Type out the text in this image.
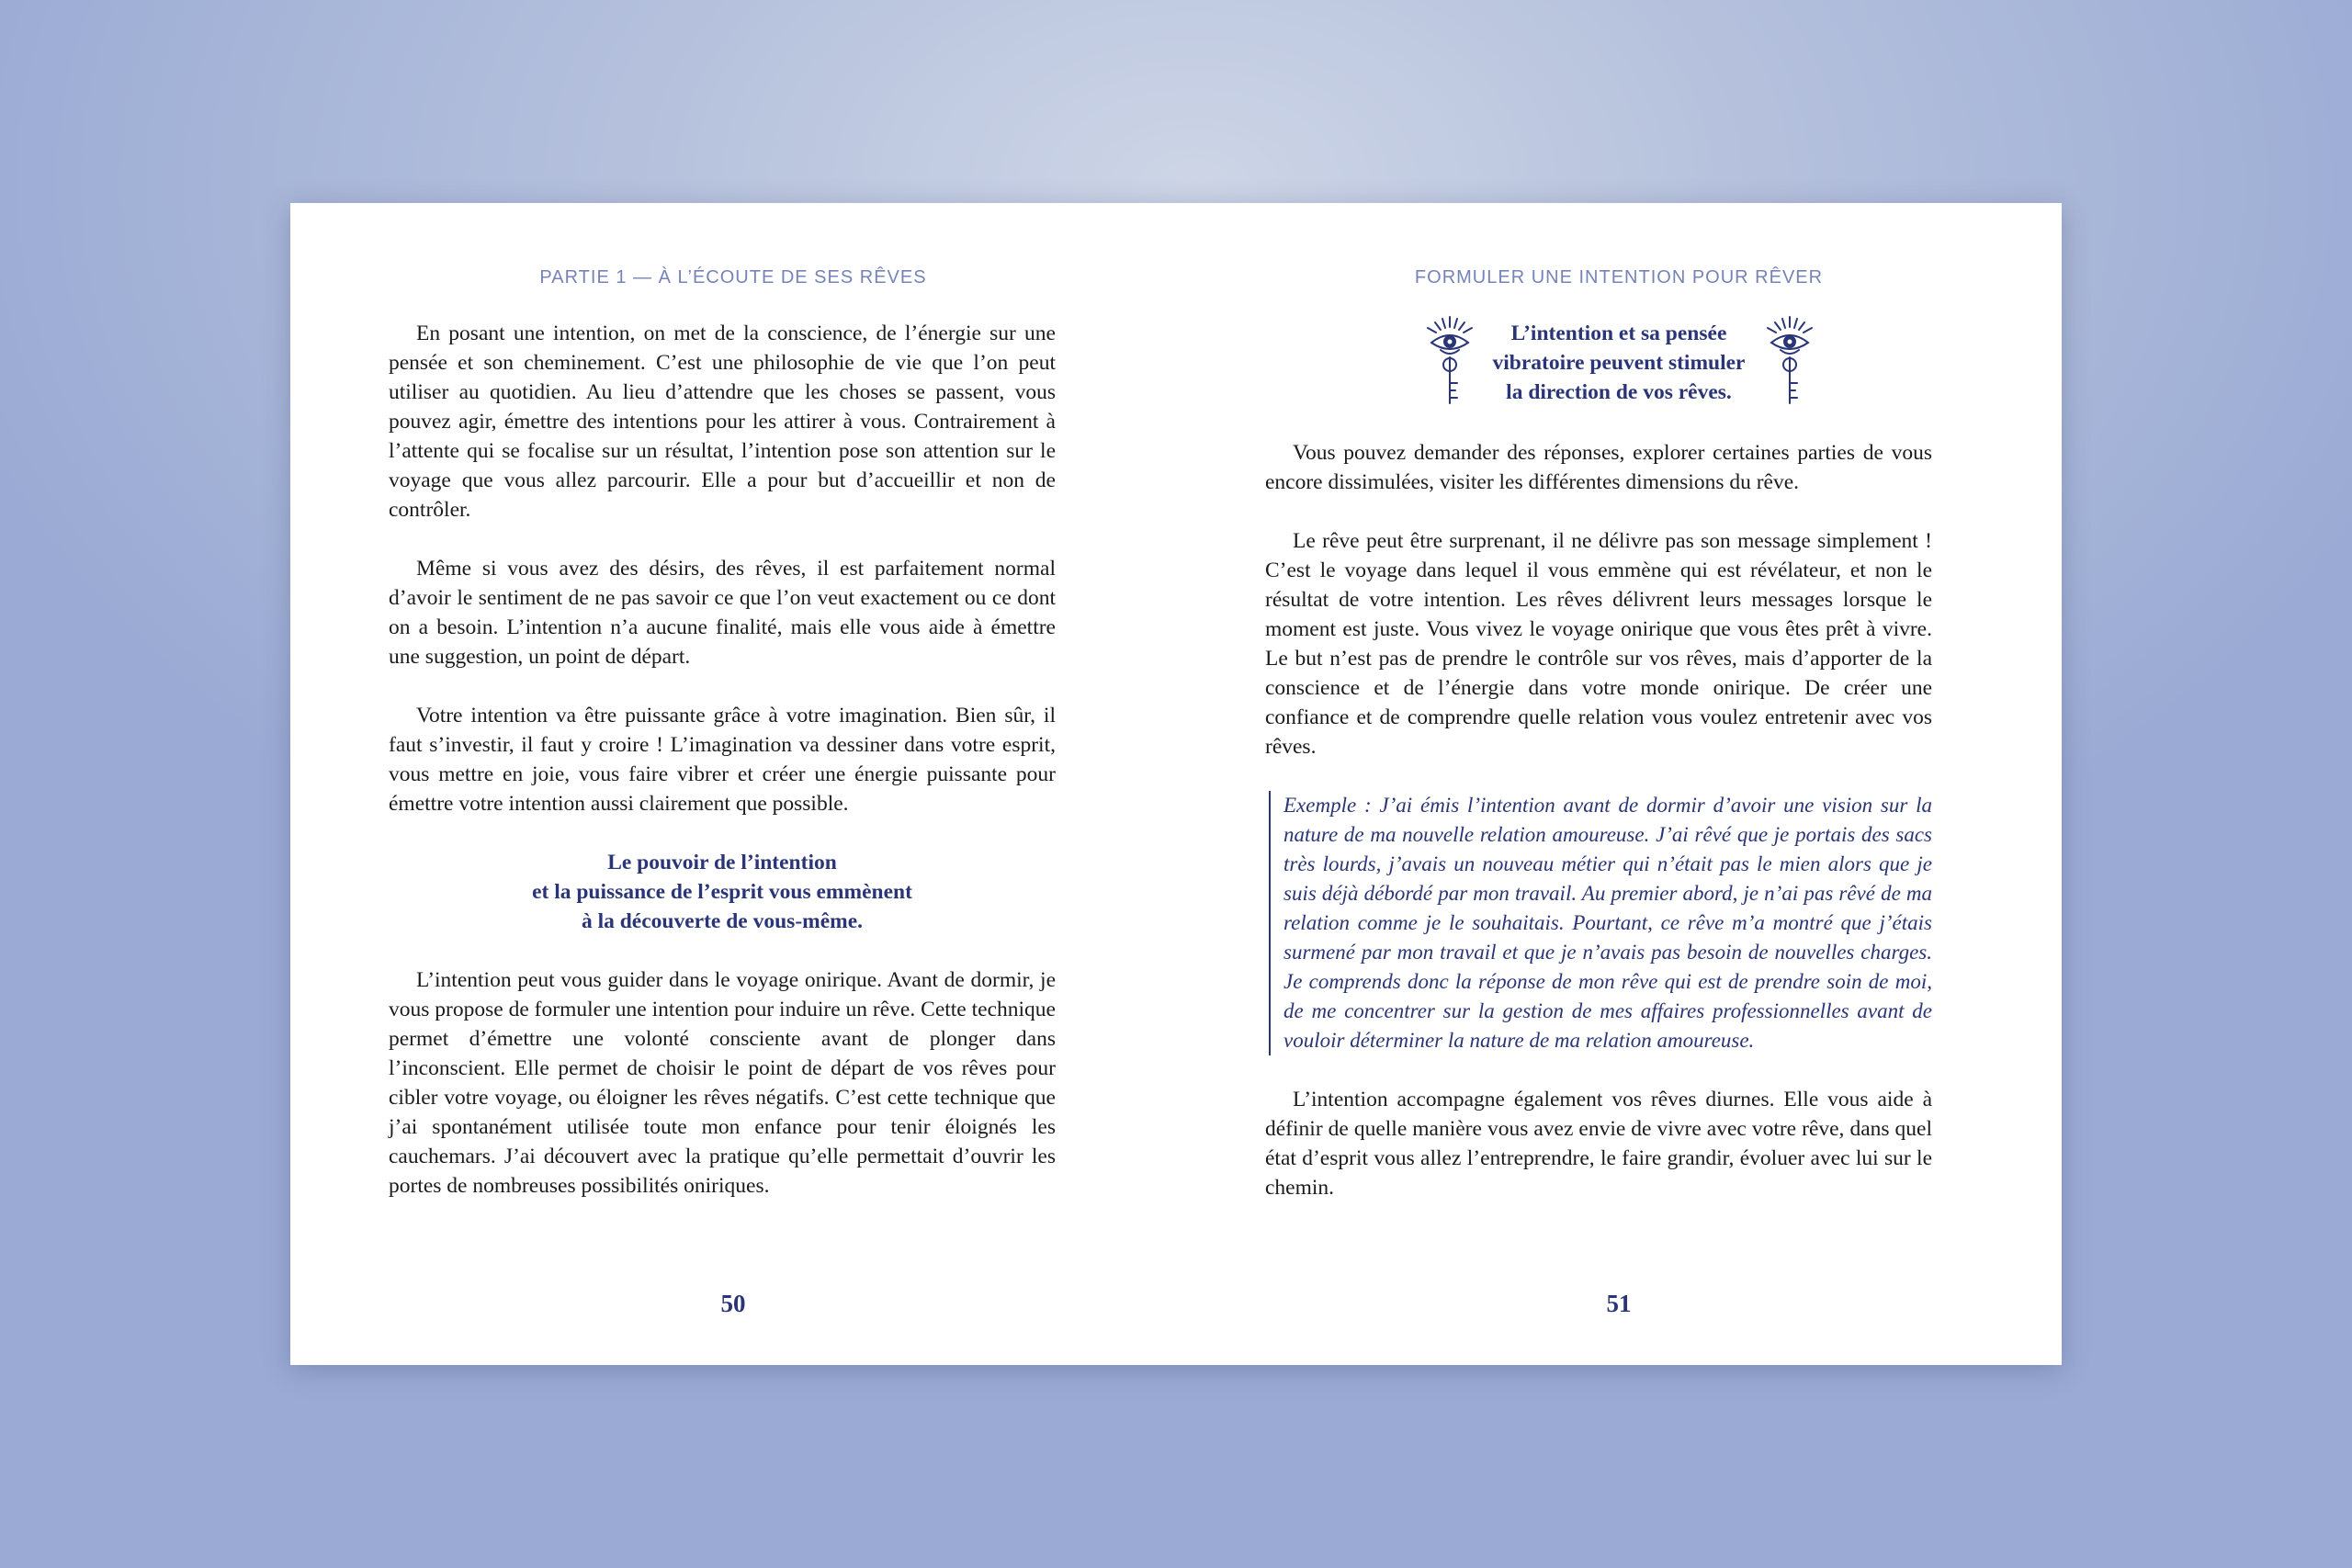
PARTIE 1 — À L’ÉCOUTE DE SES RÊVES

En posant une intention, on met de la conscience, de l’énergie sur une pensée et son cheminement. C’est une philosophie de vie que l’on peut utiliser au quotidien. Au lieu d’attendre que les choses se passent, vous pouvez agir, émettre des intentions pour les attirer à vous. Contrairement à l’attente qui se focalise sur un résultat, l’intention pose son attention sur le voyage que vous allez parcourir. Elle a pour but d’accueillir et non de contrôler.

Même si vous avez des désirs, des rêves, il est parfaitement normal d’avoir le sentiment de ne pas savoir ce que l’on veut exactement ou ce dont on a besoin. L’intention n’a aucune finalité, mais elle vous aide à émettre une suggestion, un point de départ.

Votre intention va être puissante grâce à votre imagination. Bien sûr, il faut s’investir, il faut y croire ! L’imagination va dessiner dans votre esprit, vous mettre en joie, vous faire vibrer et créer une énergie puissante pour émettre votre intention aussi clairement que possible.

Le pouvoir de l’intention
et la puissance de l’esprit vous emmènent
à la découverte de vous-même.

L’intention peut vous guider dans le voyage onirique. Avant de dormir, je vous propose de formuler une intention pour induire un rêve. Cette technique permet d’émettre une volonté consciente avant de plonger dans l’inconscient. Elle permet de choisir le point de départ de vos rêves pour cibler votre voyage, ou éloigner les rêves négatifs. C’est cette technique que j’ai spontanément utilisée toute mon enfance pour tenir éloignés les cauchemars. J’ai découvert avec la pratique qu’elle permettait d’ouvrir les portes de nombreuses possibilités oniriques.

50
FORMULER UNE INTENTION POUR RÊVER
L’intention et sa pensée
vibratoire peuvent stimuler
la direction de vos rêves.

Vous pouvez demander des réponses, explorer certaines parties de vous encore dissimulées, visiter les différentes dimensions du rêve.

Le rêve peut être surprenant, il ne délivre pas son message simplement ! C’est le voyage dans lequel il vous emmène qui est révélateur, et non le résultat de votre intention. Les rêves délivrent leurs messages lorsque le moment est juste. Vous vivez le voyage onirique que vous êtes prêt à vivre. Le but n’est pas de prendre le contrôle sur vos rêves, mais d’apporter de la conscience et de l’énergie dans votre monde onirique. De créer une confiance et de comprendre quelle relation vous voulez entretenir avec vos rêves.

Exemple : J’ai émis l’intention avant de dormir d’avoir une vision sur la nature de ma nouvelle relation amoureuse. J’ai rêvé que je portais des sacs très lourds, j’avais un nouveau métier qui n’était pas le mien alors que je suis déjà débordé par mon travail. Au premier abord, je n’ai pas rêvé de ma relation comme je le souhaitais. Pourtant, ce rêve m’a montré que j’étais surmené par mon travail et que je n’avais pas besoin de nouvelles charges. Je comprends donc la réponse de mon rêve qui est de prendre soin de moi, de me concentrer sur la gestion de mes affaires professionnelles avant de vouloir déterminer la nature de ma relation amoureuse.

L’intention accompagne également vos rêves diurnes. Elle vous aide à définir de quelle manière vous avez envie de vivre avec votre rêve, dans quel état d’esprit vous allez l’entreprendre, le faire grandir, évoluer avec lui sur le chemin.

51
